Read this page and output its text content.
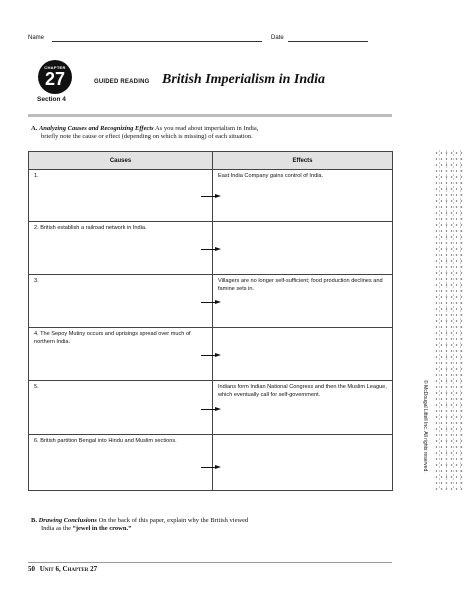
Name	Date
CHAPTER
27
Section 4
GUIDED READING British Imperialism in India
A. Analyzing Causes and Recognizing Effects As you read about imperialism in India,
briefly note the cause or effect (depending on which is missing) of each situation.
Causes	Effects
1.	East India Company gains control of India.
2. British establish a railroad network in India.	
3.	Villagers are no longer self-sufficient; food production declines and famine sets in.
4. The Sepoy Mutiny occurs and uprisings spread over much of northern India.	
5.	Indians form Indian National Congress and then the Muslim League, which eventually call for self-government.
6. British partition Bengal into Hindu and Muslim sections.		© McDougal Littell Inc. All rights reserved.
B. Drawing Conclusions On the back of this paper, explain why the British viewed
India as the “jewel in the crown.”
50 Unit 6, Chapter 27
